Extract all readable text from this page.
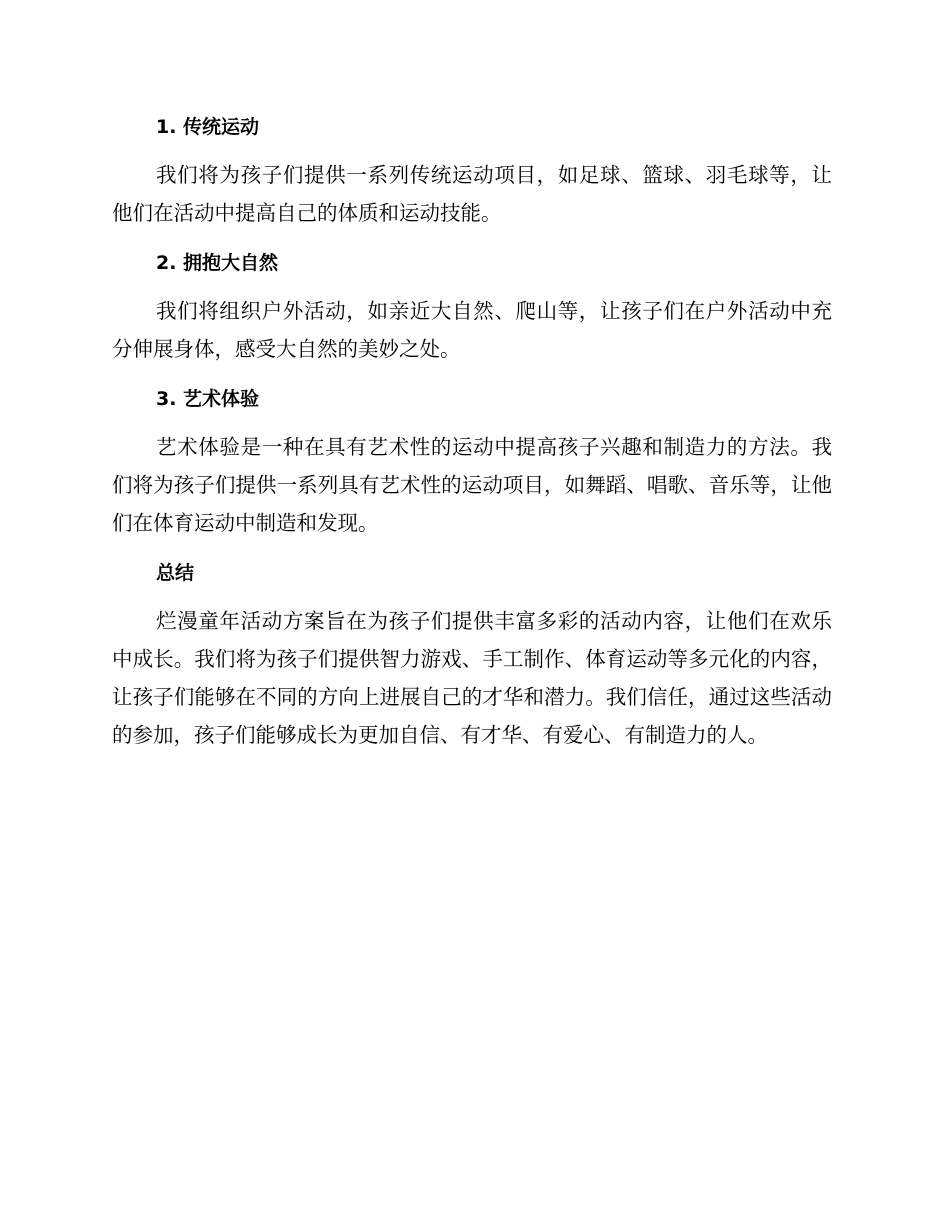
1. 传统运动

我们将为孩子们提供一系列传统运动项目，如足球、篮球、羽毛球等，让他们在活动中提高自己的体质和运动技能。

2. 拥抱大自然

我们将组织户外活动，如亲近大自然、爬山等，让孩子们在户外活动中充分伸展身体，感受大自然的美妙之处。

3. 艺术体验

艺术体验是一种在具有艺术性的运动中提高孩子兴趣和制造力的方法。我们将为孩子们提供一系列具有艺术性的运动项目，如舞蹈、唱歌、音乐等，让他们在体育运动中制造和发现。

总结

烂漫童年活动方案旨在为孩子们提供丰富多彩的活动内容，让他们在欢乐中成长。我们将为孩子们提供智力游戏、手工制作、体育运动等多元化的内容，让孩子们能够在不同的方向上进展自己的才华和潜力。我们信任，通过这些活动的参加，孩子们能够成长为更加自信、有才华、有爱心、有制造力的人。
